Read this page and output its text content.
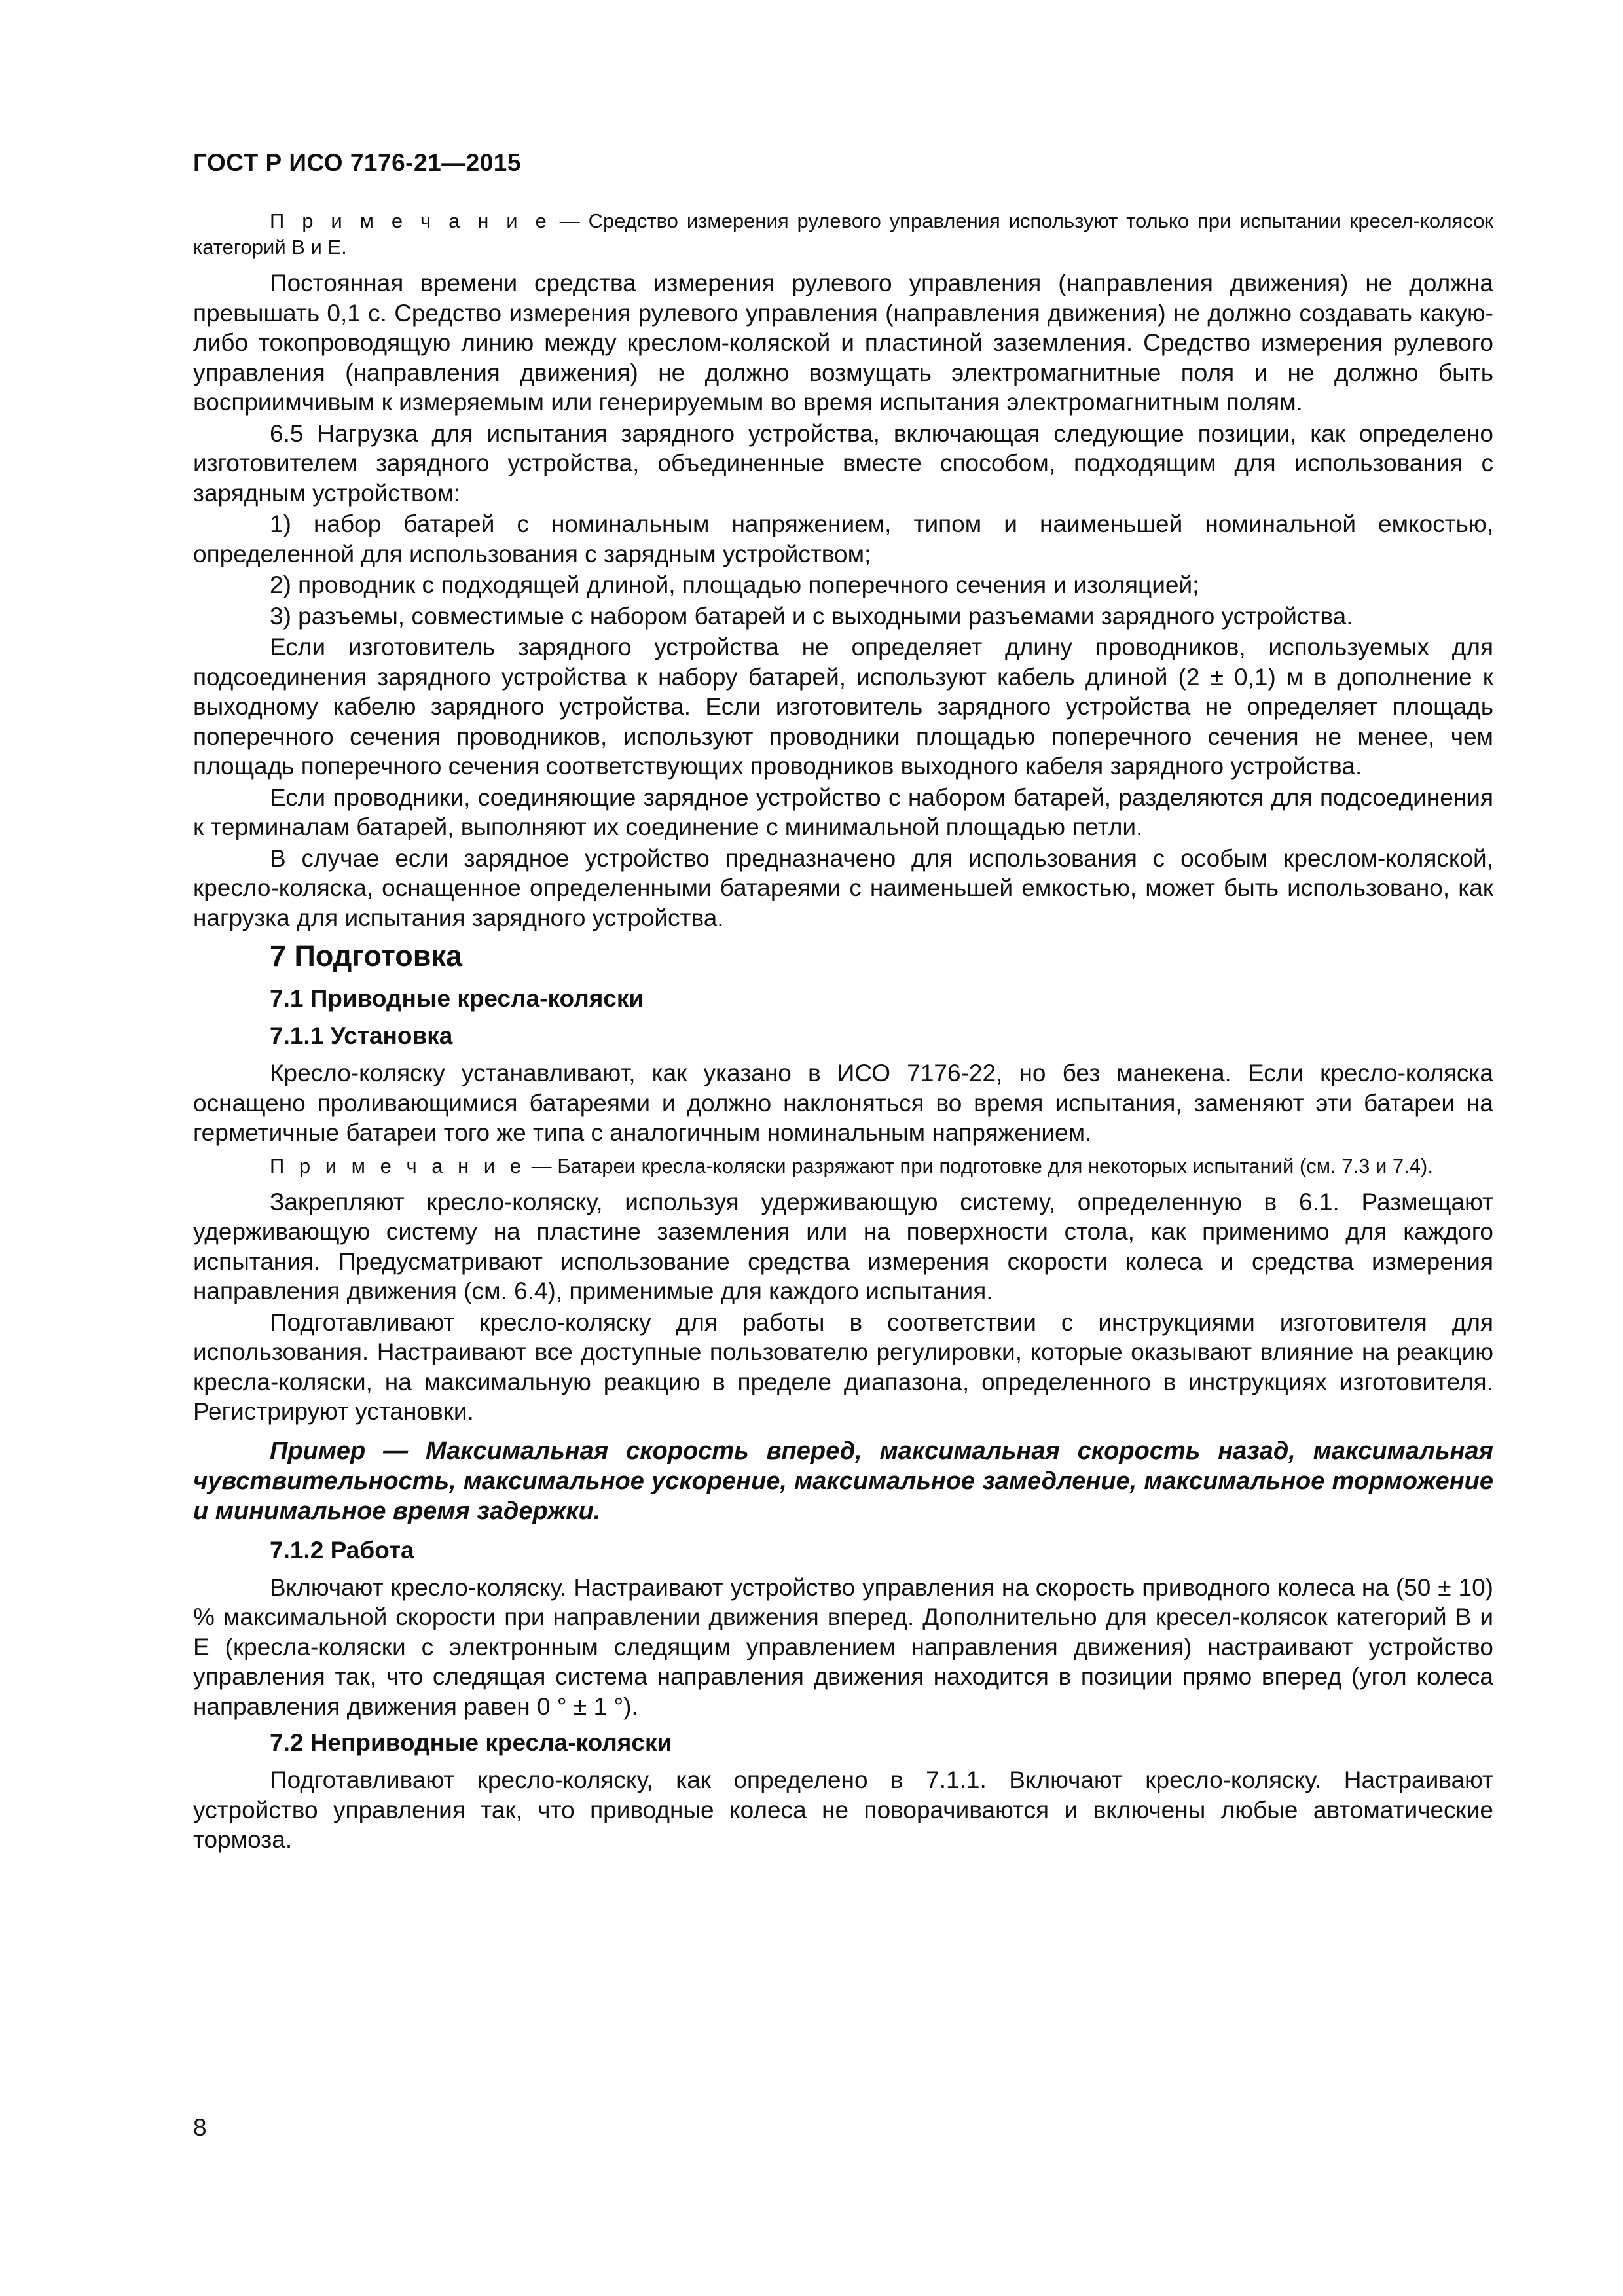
ГОСТ Р ИСО 7176-21—2015

П р и м е ч а н и е — Средство измерения рулевого управления используют только при испытании кресел-колясок категорий В и Е.

Постоянная времени средства измерения рулевого управления (направления движения) не должна превышать 0,1 с. Средство измерения рулевого управления (направления движения) не должно создавать какую-либо токопроводящую линию между креслом-коляской и пластиной заземления. Средство измерения рулевого управления (направления движения) не должно возмущать электромагнитные поля и не должно быть восприимчивым к измеряемым или генерируемым во время испытания электромагнитным полям.

6.5 Нагрузка для испытания зарядного устройства, включающая следующие позиции, как определено изготовителем зарядного устройства, объединенные вместе способом, подходящим для использования с зарядным устройством:

1) набор батарей с номинальным напряжением, типом и наименьшей номинальной емкостью, определенной для использования с зарядным устройством;

2) проводник с подходящей длиной, площадью поперечного сечения и изоляцией;

3) разъемы, совместимые с набором батарей и с выходными разъемами зарядного устройства.

Если изготовитель зарядного устройства не определяет длину проводников, используемых для подсоединения зарядного устройства к набору батарей, используют кабель длиной (2 ± 0,1) м в дополнение к выходному кабелю зарядного устройства. Если изготовитель зарядного устройства не определяет площадь поперечного сечения проводников, используют проводники площадью поперечного сечения не менее, чем площадь поперечного сечения соответствующих проводников выходного кабеля зарядного устройства.

Если проводники, соединяющие зарядное устройство с набором батарей, разделяются для подсоединения к терминалам батарей, выполняют их соединение с минимальной площадью петли.

В случае если зарядное устройство предназначено для использования с особым креслом-коляской, кресло-коляска, оснащенное определенными батареями с наименьшей емкостью, может быть использовано, как нагрузка для испытания зарядного устройства.

7 Подготовка
7.1 Приводные кресла-коляски
7.1.1 Установка

Кресло-коляску устанавливают, как указано в ИСО 7176-22, но без манекена. Если кресло-коляска оснащено проливающимися батареями и должно наклоняться во время испытания, заменяют эти батареи на герметичные батареи того же типа с аналогичным номинальным напряжением.

П р и м е ч а н и е — Батареи кресла-коляски разряжают при подготовке для некоторых испытаний (см. 7.3 и 7.4).

Закрепляют кресло-коляску, используя удерживающую систему, определенную в 6.1. Размещают удерживающую систему на пластине заземления или на поверхности стола, как применимо для каждого испытания. Предусматривают использование средства измерения скорости колеса и средства измерения направления движения (см. 6.4), применимые для каждого испытания.

Подготавливают кресло-коляску для работы в соответствии с инструкциями изготовителя для использования. Настраивают все доступные пользователю регулировки, которые оказывают влияние на реакцию кресла-коляски, на максимальную реакцию в пределе диапазона, определенного в инструкциях изготовителя. Регистрируют установки.

Пример — Максимальная скорость вперед, максимальная скорость назад, максимальная чувствительность, максимальное ускорение, максимальное замедление, максимальное торможение и минимальное время задержки.

7.1.2 Работа

Включают кресло-коляску. Настраивают устройство управления на скорость приводного колеса на (50 ± 10) % максимальной скорости при направлении движения вперед. Дополнительно для кресел-колясок категорий В и Е (кресла-коляски с электронным следящим управлением направления движения) настраивают устройство управления так, что следящая система направления движения находится в позиции прямо вперед (угол колеса направления движения равен 0 ° ± 1 °).

7.2 Неприводные кресла-коляски

Подготавливают кресло-коляску, как определено в 7.1.1. Включают кресло-коляску. Настраивают устройство управления так, что приводные колеса не поворачиваются и включены любые автоматические тормоза.

8
